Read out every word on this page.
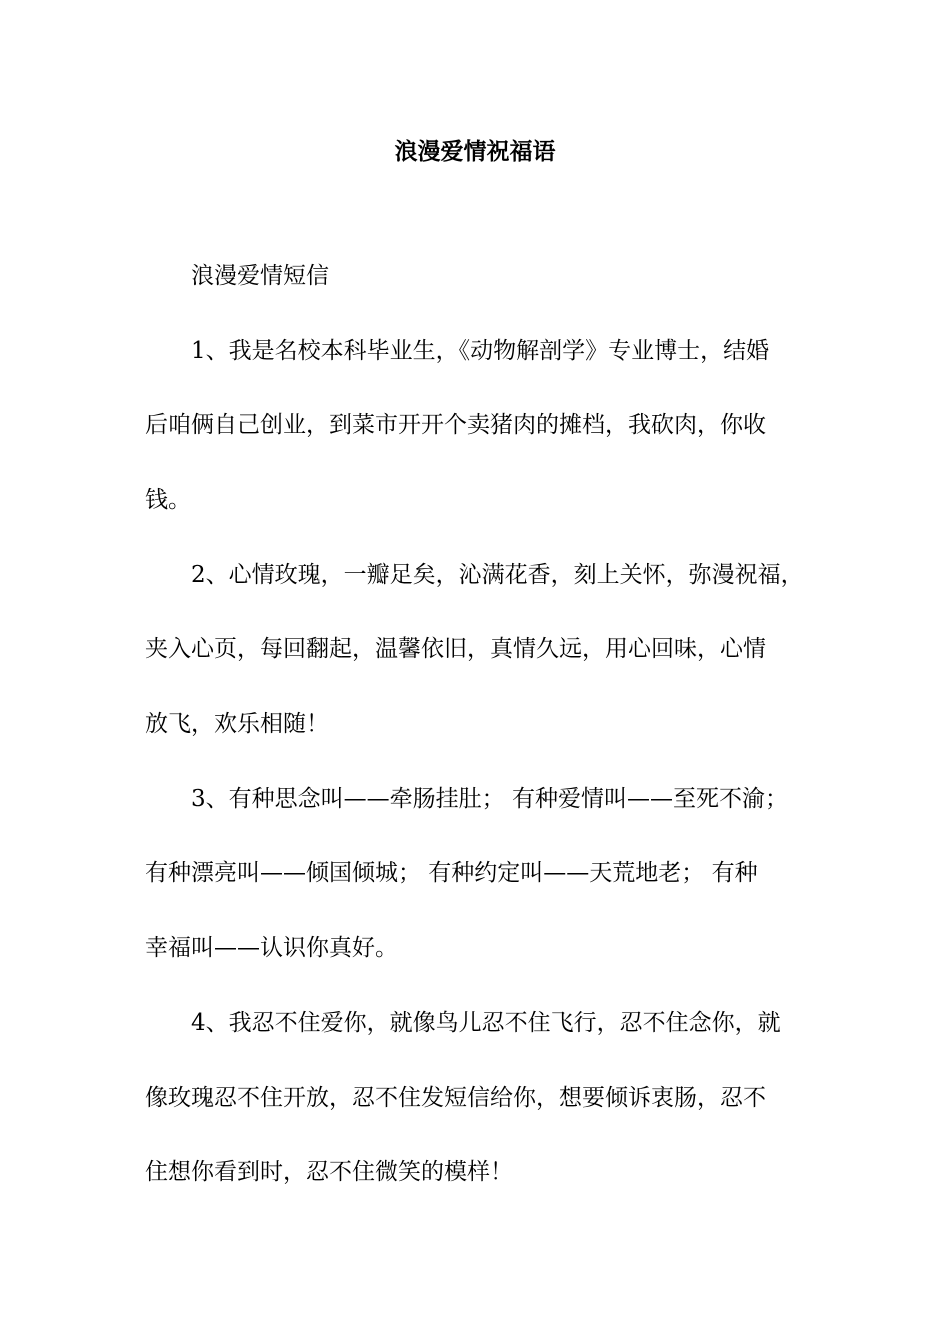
浪漫爱情祝福语
浪漫爱情短信
1、我是名校本科毕业生，《动物解剖学》专业博士，结婚
后咱俩自己创业，到菜市开开个卖猪肉的摊档，我砍肉，你收
钱。
2、心情玫瑰，一瓣足矣，沁满花香，刻上关怀，弥漫祝福，
夹入心页，每回翻起，温馨依旧，真情久远，用心回味，心情
放飞，欢乐相随！
3、有种思念叫——牵肠挂肚； 有种爱情叫——至死不渝；
有种漂亮叫——倾国倾城； 有种约定叫——天荒地老； 有种
幸福叫——认识你真好。
4、我忍不住爱你，就像鸟儿忍不住飞行，忍不住念你，就
像玫瑰忍不住开放，忍不住发短信给你，想要倾诉衷肠，忍不
住想你看到时，忍不住微笑的模样！
